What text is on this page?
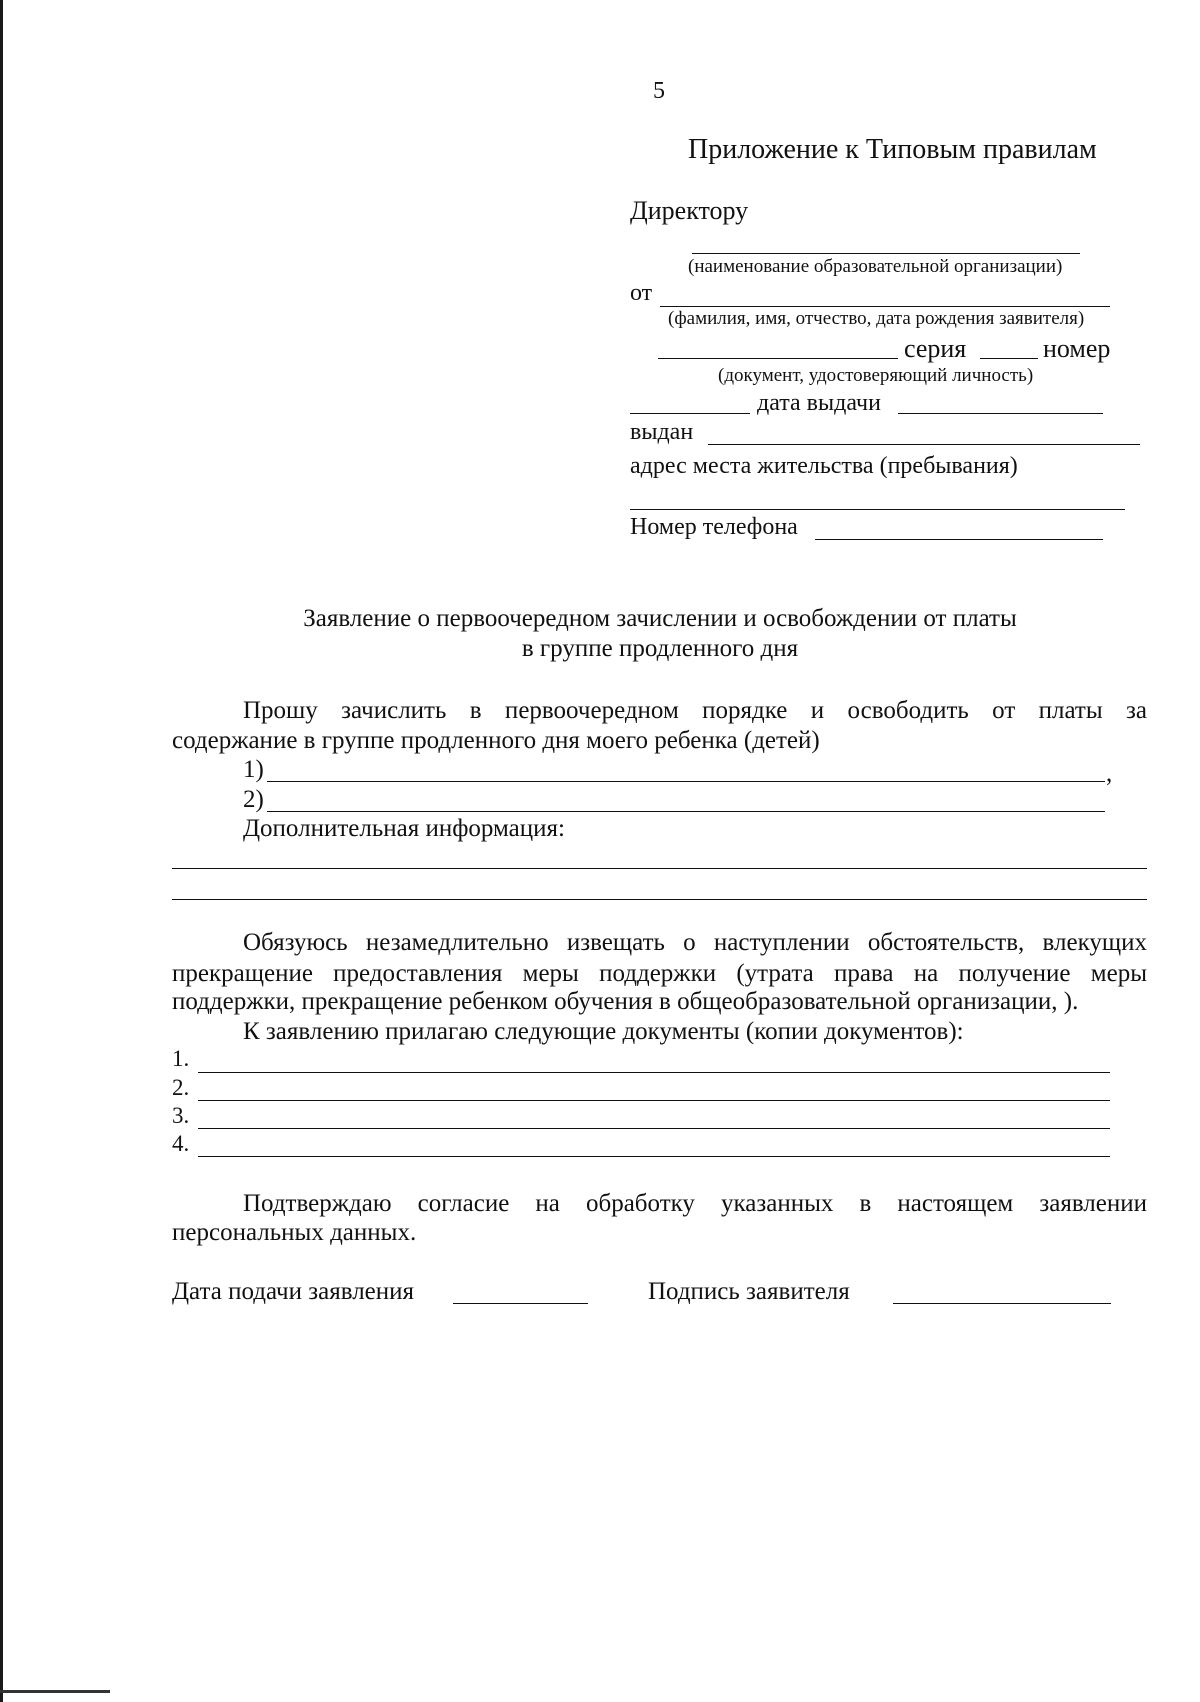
5
Приложение к Типовым правилам
Директору
(наименование образовательной организации)
от
(фамилия, имя, отчество, дата рождения заявителя)
серия	номер
(документ, удостоверяющий личность)
дата выдачи
выдан
адрес места жительства (пребывания)
Номер телефона
Заявление о первоочередном зачислении и освобождении от платы
в группе продленного дня
Прошу зачислить в первоочередном порядке и освободить от платы за
содержание в группе продленного дня моего ребенка (детей)
1)	,
2)
Дополнительная информация:
Обязуюсь незамедлительно извещать о наступлении обстоятельств, влекущих
прекращение предоставления меры поддержки (утрата права на получение меры
поддержки, прекращение ребенком обучения в общеобразовательной организации, ).
К заявлению прилагаю следующие документы (копии документов):
1.
2.
3.
4.
Подтверждаю согласие на обработку указанных в настоящем заявлении
персональных данных.
Дата подачи заявления	Подпись заявителя
